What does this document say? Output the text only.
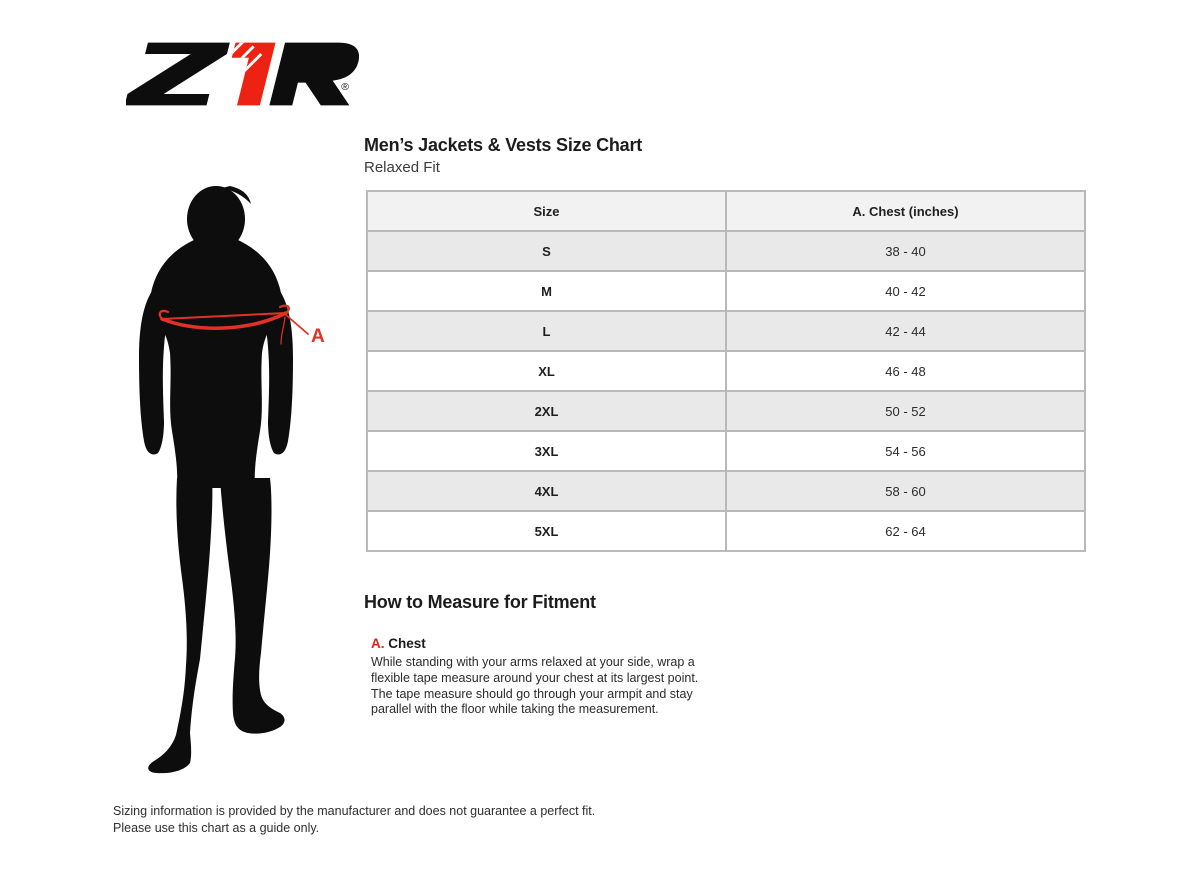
®
A
Men’s Jackets & Vests Size Chart
Relaxed Fit
Size	A. Chest (inches)
S	38 - 40
M	40 - 42
L	42 - 44
XL	46 - 48
2XL	50 - 52
3XL	54 - 56
4XL	58 - 60
5XL	62 - 64
How to Measure for Fitment
A. Chest
While standing with your arms relaxed at your side, wrap a flexible tape measure around your chest at its largest point. The tape measure should go through your armpit and stay parallel with the floor while taking the measurement.
Sizing information is provided by the manufacturer and does not guarantee a perfect fit.
Please use this chart as a guide only.
